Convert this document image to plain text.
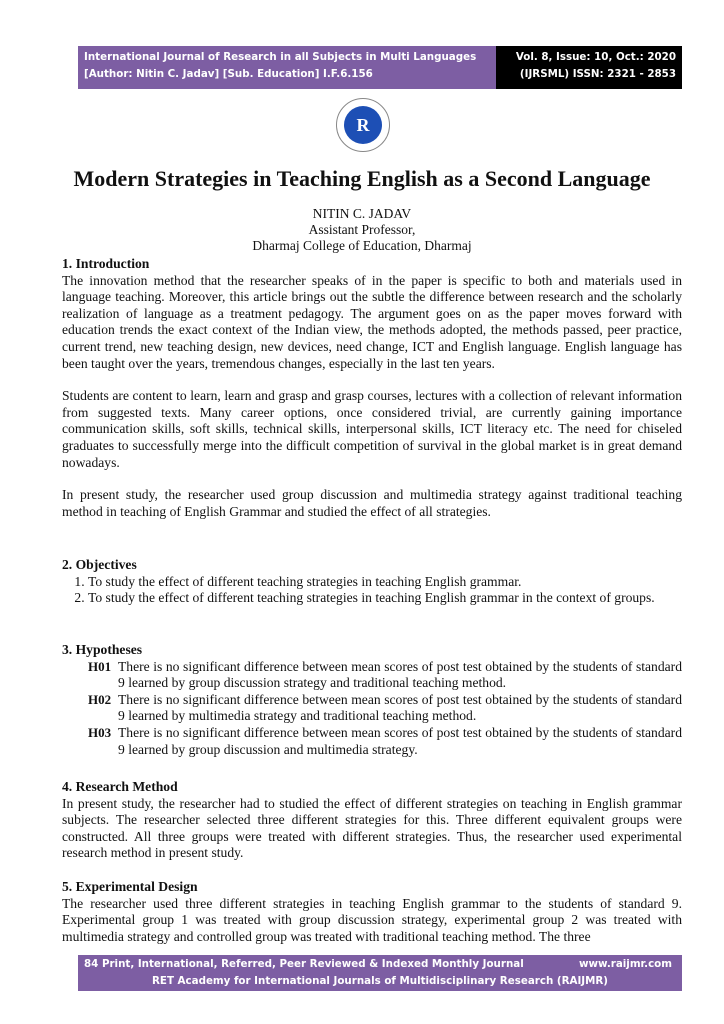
International Journal of Research in all Subjects in Multi Languages
[Author: Nitin C. Jadav] [Sub. Education] I.F.6.156
Vol. 8, Issue: 10, Oct.: 2020
(IJRSML) ISSN: 2321 - 2853
R
Modern Strategies in Teaching English as a Second Language
NITIN C. JADAV
Assistant Professor,
Dharmaj College of Education, Dharmaj
1. Introduction

The innovation method that the researcher speaks of in the paper is specific to both and materials used in language teaching. Moreover, this article brings out the subtle the difference between research and the scholarly realization of language as a treatment pedagogy. The argument goes on as the paper moves forward with education trends the exact context of the Indian view, the methods adopted, the methods passed, peer practice, current trend, new teaching design, new devices, need change, ICT and English language. English language has been taught over the years, tremendous changes, especially in the last ten years.

Students are content to learn, learn and grasp and grasp courses, lectures with a collection of relevant information from suggested texts. Many career options, once considered trivial, are currently gaining importance communication skills, soft skills, technical skills, interpersonal skills, ICT literacy etc. The need for chiseled graduates to successfully merge into the difficult competition of survival in the global market is in great demand nowadays.

In present study, the researcher used group discussion and multimedia strategy against traditional teaching method in teaching of English Grammar and studied the effect of all strategies.

2. Objectives
1. To study the effect of different teaching strategies in teaching English grammar.
2. To study the effect of different teaching strategies in teaching English grammar in the context of groups.
3. Hypotheses
H01 There is no significant difference between mean scores of post test obtained by the students of standard 9 learned by group discussion strategy and traditional teaching method.
H02 There is no significant difference between mean scores of post test obtained by the students of standard 9 learned by multimedia strategy and traditional teaching method.
H03 There is no significant difference between mean scores of post test obtained by the students of standard 9 learned by group discussion and multimedia strategy.
4. Research Method

In present study, the researcher had to studied the effect of different strategies on teaching in English grammar subjects. The researcher selected three different strategies for this. Three different equivalent groups were constructed. All three groups were treated with different strategies. Thus, the researcher used experimental research method in present study.

5. Experimental Design

The researcher used three different strategies in teaching English grammar to the students of standard 9. Experimental group 1 was treated with group discussion strategy, experimental group 2 was treated with multimedia strategy and controlled group was treated with traditional teaching method. The three

84 Print, International, Referred, Peer Reviewed & Indexed Monthly Journal	www.raijmr.com
RET Academy for International Journals of Multidisciplinary Research (RAIJMR)
